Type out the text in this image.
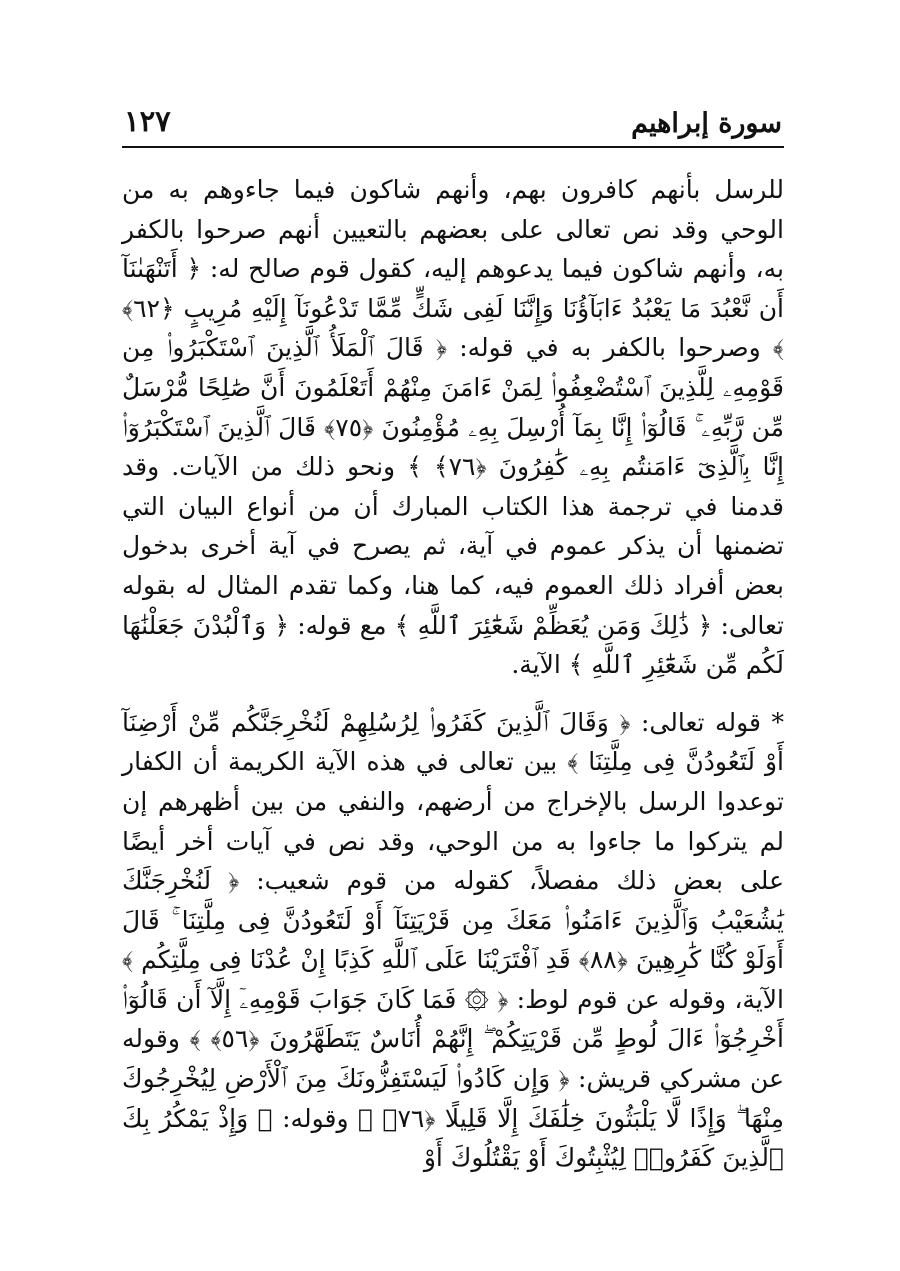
سورة إبراهيم
١٢٧

للرسل بأنهم كافرون بهم، وأنهم شاكون فيما جاءوهم به من الوحي وقد نص تعالى على بعضهم بالتعيين أنهم صرحوا بالكفر به، وأنهم شاكون فيما يدعوهم إليه، كقول قوم صالح له: ﴿ أَتَنْهَىٰنَآ أَن نَّعْبُدَ مَا يَعْبُدُ ءَابَآؤُنَا وَإِنَّنَا لَفِى شَكٍّ مِّمَّا تَدْعُونَآ إِلَيْهِ مُرِيبٍ ﴿٦٢﴾ ﴾ وصرحوا بالكفر به في قوله: ﴿ قَالَ ٱلْمَلَأُ ٱلَّذِينَ ٱسْتَكْبَرُوا۟ مِن قَوْمِهِۦ لِلَّذِينَ ٱسْتُضْعِفُوا۟ لِمَنْ ءَامَنَ مِنْهُمْ أَتَعْلَمُونَ أَنَّ صَٰلِحًا مُّرْسَلٌ مِّن رَّبِّهِۦ ۚ قَالُوٓا۟ إِنَّا بِمَآ أُرْسِلَ بِهِۦ مُؤْمِنُونَ ﴿٧٥﴾ قَالَ ٱلَّذِينَ ٱسْتَكْبَرُوٓا۟ إِنَّا بِٱلَّذِىٓ ءَامَنتُم بِهِۦ كَٰفِرُونَ ﴿٧٦﴾ ﴾ ونحو ذلك من الآيات. وقد قدمنا في ترجمة هذا الكتاب المبارك أن من أنواع البيان التي تضمنها أن يذكر عموم في آية، ثم يصرح في آية أخرى بدخول بعض أفراد ذلك العموم فيه، كما هنا، وكما تقدم المثال له بقوله تعالى: ﴿ ذَٰلِكَ وَمَن يُعَظِّمْ شَعَٰٓئِرَ ٱللَّهِ ﴾ مع قوله: ﴿ وَٱلْبُدْنَ جَعَلْنَٰهَا لَكُم مِّن شَعَٰٓئِرِ ٱللَّهِ ﴾ الآية.

* قوله تعالى: ﴿ وَقَالَ ٱلَّذِينَ كَفَرُوا۟ لِرُسُلِهِمْ لَنُخْرِجَنَّكُم مِّنْ أَرْضِنَآ أَوْ لَتَعُودُنَّ فِى مِلَّتِنَا ﴾ بين تعالى في هذه الآية الكريمة أن الكفار توعدوا الرسل بالإخراج من أرضهم، والنفي من بين أظهرهم إن لم يتركوا ما جاءوا به من الوحي، وقد نص في آيات أخر أيضًا على بعض ذلك مفصلاً، كقوله من قوم شعيب: ﴿ لَنُخْرِجَنَّكَ يَٰشُعَيْبُ وَٱلَّذِينَ ءَامَنُوا۟ مَعَكَ مِن قَرْيَتِنَآ أَوْ لَتَعُودُنَّ فِى مِلَّتِنَا ۚ قَالَ أَوَلَوْ كُنَّا كَٰرِهِينَ ﴿٨٨﴾ قَدِ ٱفْتَرَيْنَا عَلَى ٱللَّهِ كَذِبًا إِنْ عُدْنَا فِى مِلَّتِكُم ﴾ الآية، وقوله عن قوم لوط: ﴿ ۞ فَمَا كَانَ جَوَابَ قَوْمِهِۦٓ إِلَّآ أَن قَالُوٓا۟ أَخْرِجُوٓا۟ ءَالَ لُوطٍ مِّن قَرْيَتِكُمْ ۖ إِنَّهُمْ أُنَاسٌ يَتَطَهَّرُونَ ﴿٥٦﴾ ﴾ وقوله عن مشركي قريش: ﴿ وَإِن كَادُوا۟ لَيَسْتَفِزُّونَكَ مِنَ ٱلْأَرْضِ لِيُخْرِجُوكَ مِنْهَا ۖ وَإِذًا لَّا يَلْبَثُونَ خِلَٰفَكَ إِلَّا قَلِيلًا ﴿٧٦﴾ ﴾ وقوله: ﴿ وَإِذْ يَمْكُرُ بِكَ ٱلَّذِينَ كَفَرُوا۟ لِيُثْبِتُوكَ أَوْ يَقْتُلُوكَ أَوْ
